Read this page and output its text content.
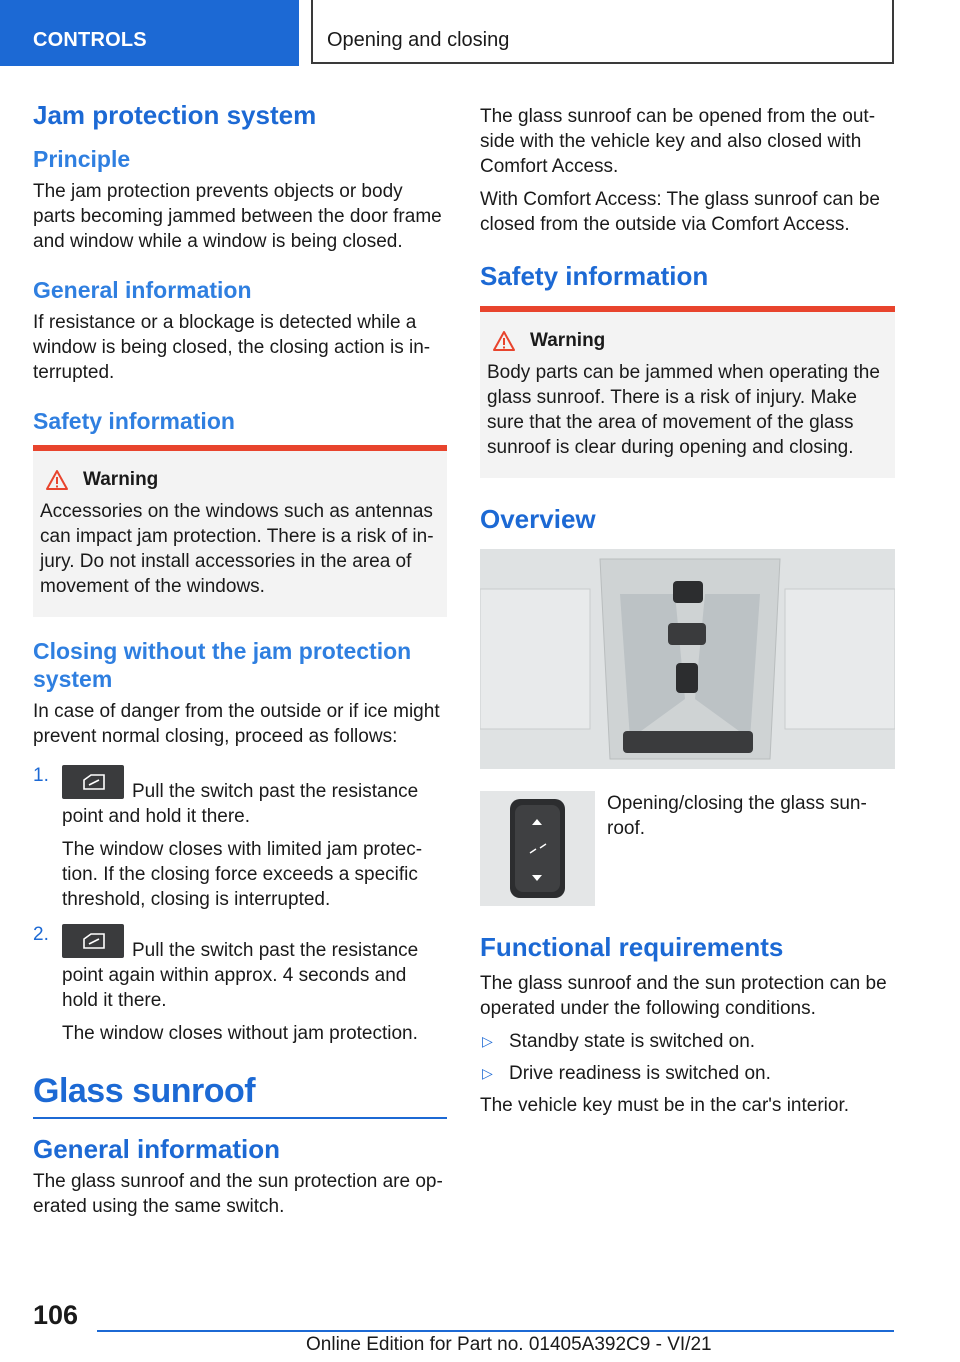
CONTROLS	Opening and closing
Jam protection system
Principle

The jam protection prevents objects or body parts becoming jammed between the door frame and window while a window is being closed.

General information

If resistance or a blockage is detected while a window is being closed, the closing action is interrupted.

Safety information
Warning

Accessories on the windows such as antennas can impact jam protection. There is a risk of injury. Do not install accessories in the area of movement of the windows.

Closing without the jam protection system

In case of danger from the outside or if ice might prevent normal closing, proceed as follows:

1.

Pull the switch past the resistance point and hold it there.

The window closes with limited jam protection. If the closing force exceeds a specific threshold, closing is interrupted.

2.

Pull the switch past the resistance point again within approx. 4 seconds and hold it there.

The window closes without jam protection.

Glass sunroof
General information

The glass sunroof and the sun protection are operated using the same switch.

The glass sunroof can be opened from the outside with the vehicle key and also closed with Comfort Access.

With Comfort Access: The glass sunroof can be closed from the outside via Comfort Access.

Safety information
Warning

Body parts can be jammed when operating the glass sunroof. There is a risk of injury. Make sure that the area of movement of the glass sunroof is clear during opening and closing.

Overview

Opening/closing the glass sunroof.

Functional requirements

The glass sunroof and the sun protection can be operated under the following conditions.

▷ Standby state is switched on.
▷ Drive readiness is switched on.

The vehicle key must be in the car's interior.

106
Online Edition for Part no. 01405A392C9 - VI/21
